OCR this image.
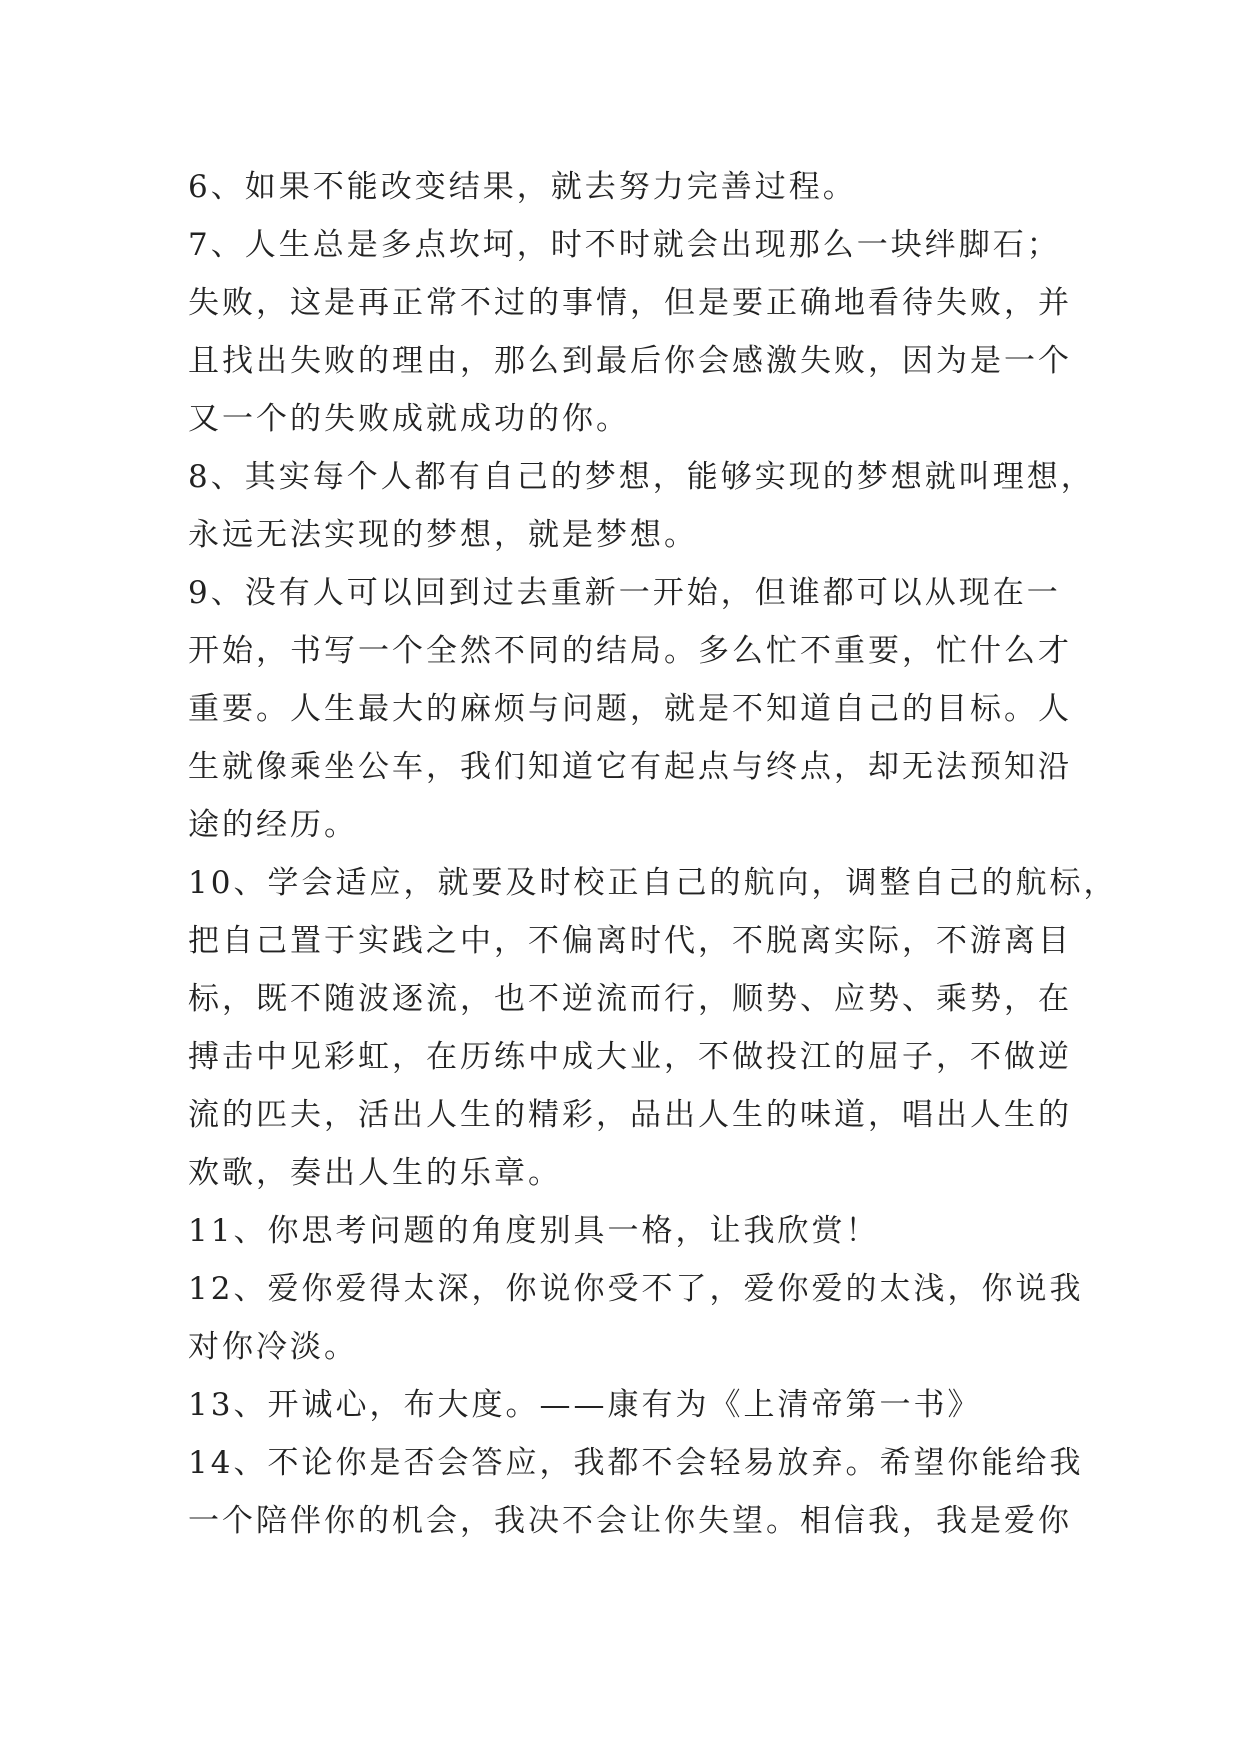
6、如果不能改变结果，就去努力完善过程。
7、人生总是多点坎坷，时不时就会出现那么一块绊脚石；
失败，这是再正常不过的事情，但是要正确地看待失败，并
且找出失败的理由，那么到最后你会感激失败，因为是一个
又一个的失败成就成功的你。
8、其实每个人都有自己的梦想，能够实现的梦想就叫理想，
永远无法实现的梦想，就是梦想。
9、没有人可以回到过去重新一开始，但谁都可以从现在一
开始，书写一个全然不同的结局。多么忙不重要，忙什么才
重要。人生最大的麻烦与问题，就是不知道自己的目标。人
生就像乘坐公车，我们知道它有起点与终点，却无法预知沿
途的经历。
10、学会适应，就要及时校正自己的航向，调整自己的航标，
把自己置于实践之中，不偏离时代，不脱离实际，不游离目
标，既不随波逐流，也不逆流而行，顺势、应势、乘势，在
搏击中见彩虹，在历练中成大业，不做投江的屈子，不做逆
流的匹夫，活出人生的精彩，品出人生的味道，唱出人生的
欢歌，奏出人生的乐章。
11、你思考问题的角度别具一格，让我欣赏！
12、爱你爱得太深，你说你受不了，爱你爱的太浅，你说我
对你冷淡。
13、开诚心，布大度。——康有为《上清帝第一书》
14、不论你是否会答应，我都不会轻易放弃。希望你能给我
一个陪伴你的机会，我决不会让你失望。相信我，我是爱你
